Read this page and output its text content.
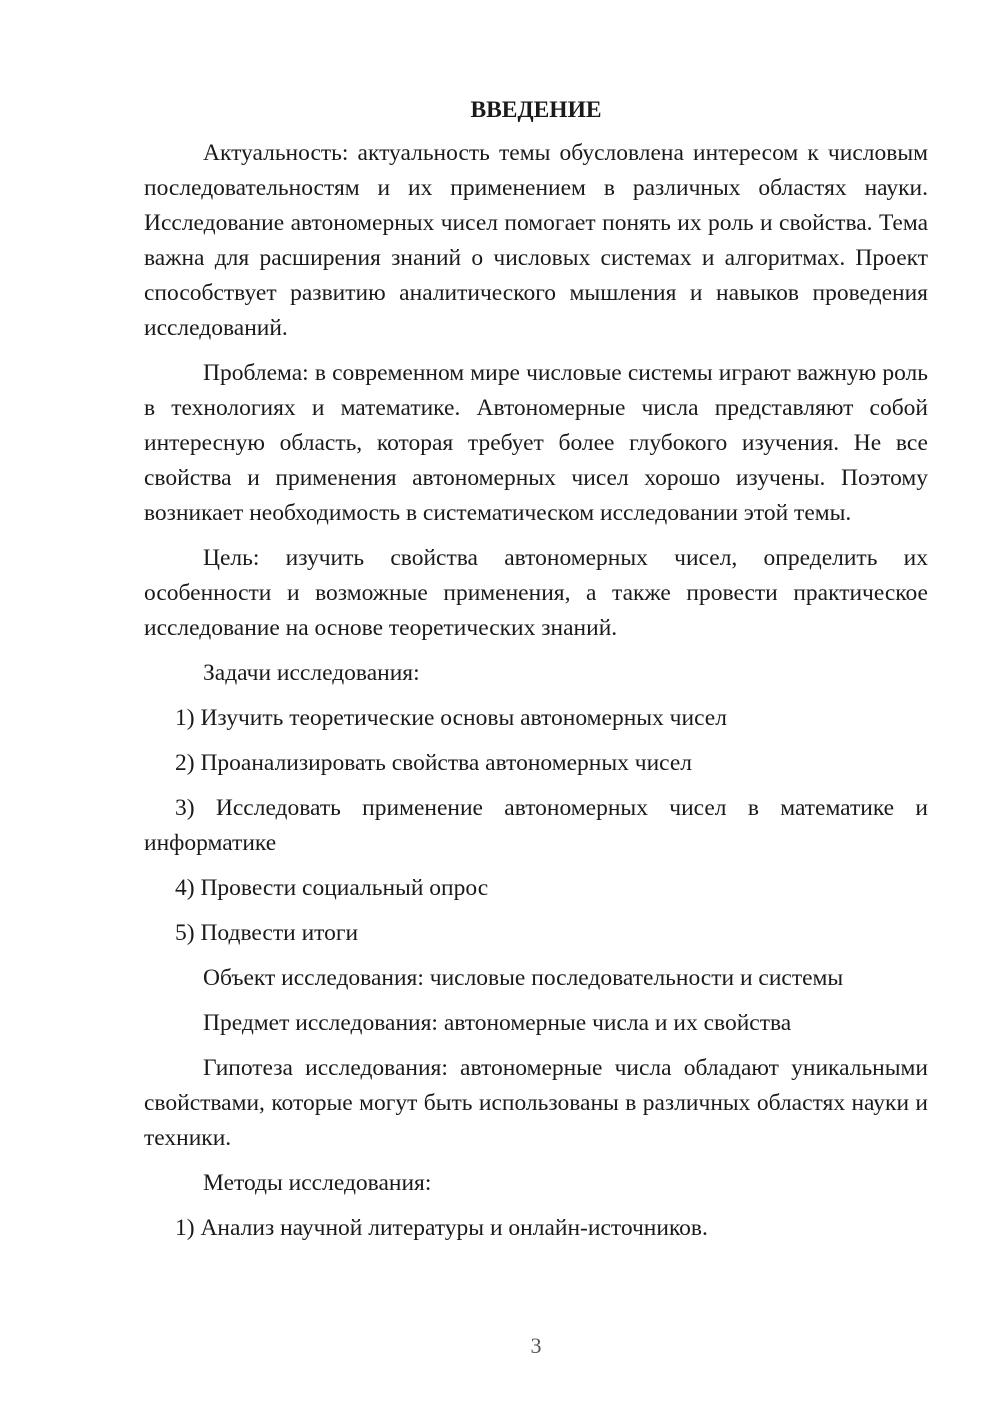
ВВЕДЕНИЕ

Актуальность: актуальность темы обусловлена интересом к числовым последовательностям и их применением в различных областях науки. Исследование автономерных чисел помогает понять их роль и свойства. Тема важна для расширения знаний о числовых системах и алгоритмах. Проект способствует развитию аналитического мышления и навыков проведения исследований.

Проблема: в современном мире числовые системы играют важную роль в технологиях и математике. Автономерные числа представляют собой интересную область, которая требует более глубокого изучения. Не все свойства и применения автономерных чисел хорошо изучены. Поэтому возникает необходимость в систематическом исследовании этой темы.

Цель: изучить свойства автономерных чисел, определить их особенности и возможные применения, а также провести практическое исследование на основе теоретических знаний.

Задачи исследования:

1) Изучить теоретические основы автономерных чисел

2) Проанализировать свойства автономерных чисел

3) Исследовать применение автономерных чисел в математике и информатике

4) Провести социальный опрос

5) Подвести итоги

Объект исследования: числовые последовательности и системы

Предмет исследования: автономерные числа и их свойства

Гипотеза исследования: автономерные числа обладают уникальными свойствами, которые могут быть использованы в различных областях науки и техники.

Методы исследования:

1) Анализ научной литературы и онлайн-источников.

3
